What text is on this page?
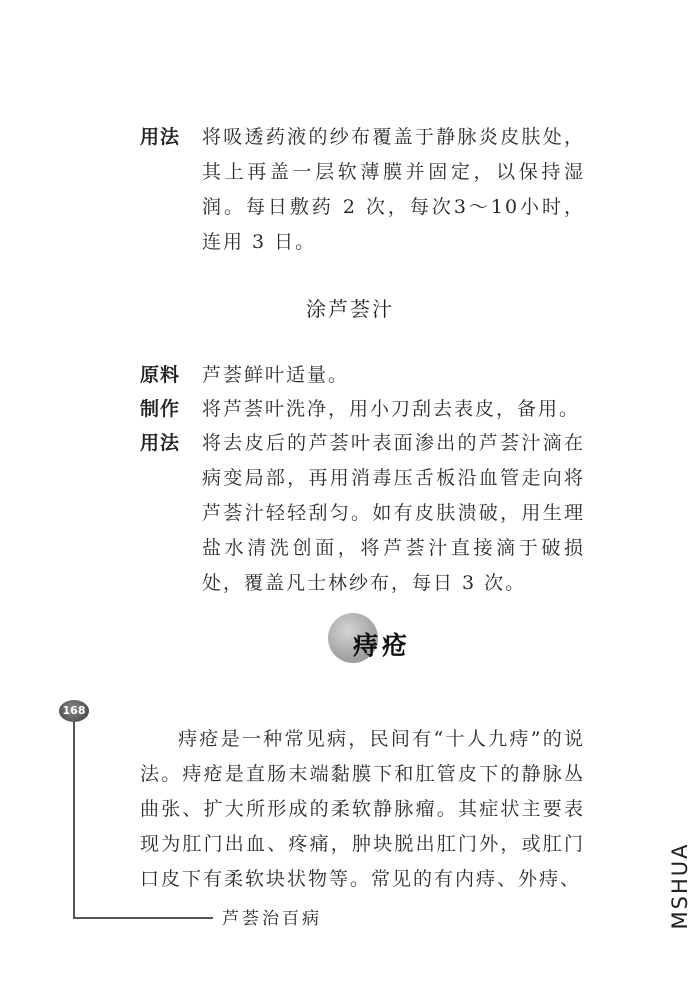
用法	将吸透药液的纱布覆盖于静脉炎皮肤处，其上再盖一层软薄膜并固定，以保持湿润。每日敷药 2 次，每次3～10小时，连用 3 日。
涂芦荟汁
原料	芦荟鲜叶适量。
制作	将芦荟叶洗净，用小刀刮去表皮，备用。
用法	将去皮后的芦荟叶表面渗出的芦荟汁滴在病变局部，再用消毒压舌板沿血管走向将芦荟汁轻轻刮匀。如有皮肤溃破，用生理盐水清洗创面，将芦荟汁直接滴于破损处，覆盖凡士林纱布，每日 3 次。
痔疮
168
痔疮是一种常见病，民间有“十人九痔”的说法。痔疮是直肠末端黏膜下和肛管皮下的静脉丛曲张、扩大所形成的柔软静脉瘤。其症状主要表现为肛门出血、疼痛，肿块脱出肛门外，或肛门口皮下有柔软块状物等。常见的有内痔、外痔、
芦荟治百病	MSHUA
